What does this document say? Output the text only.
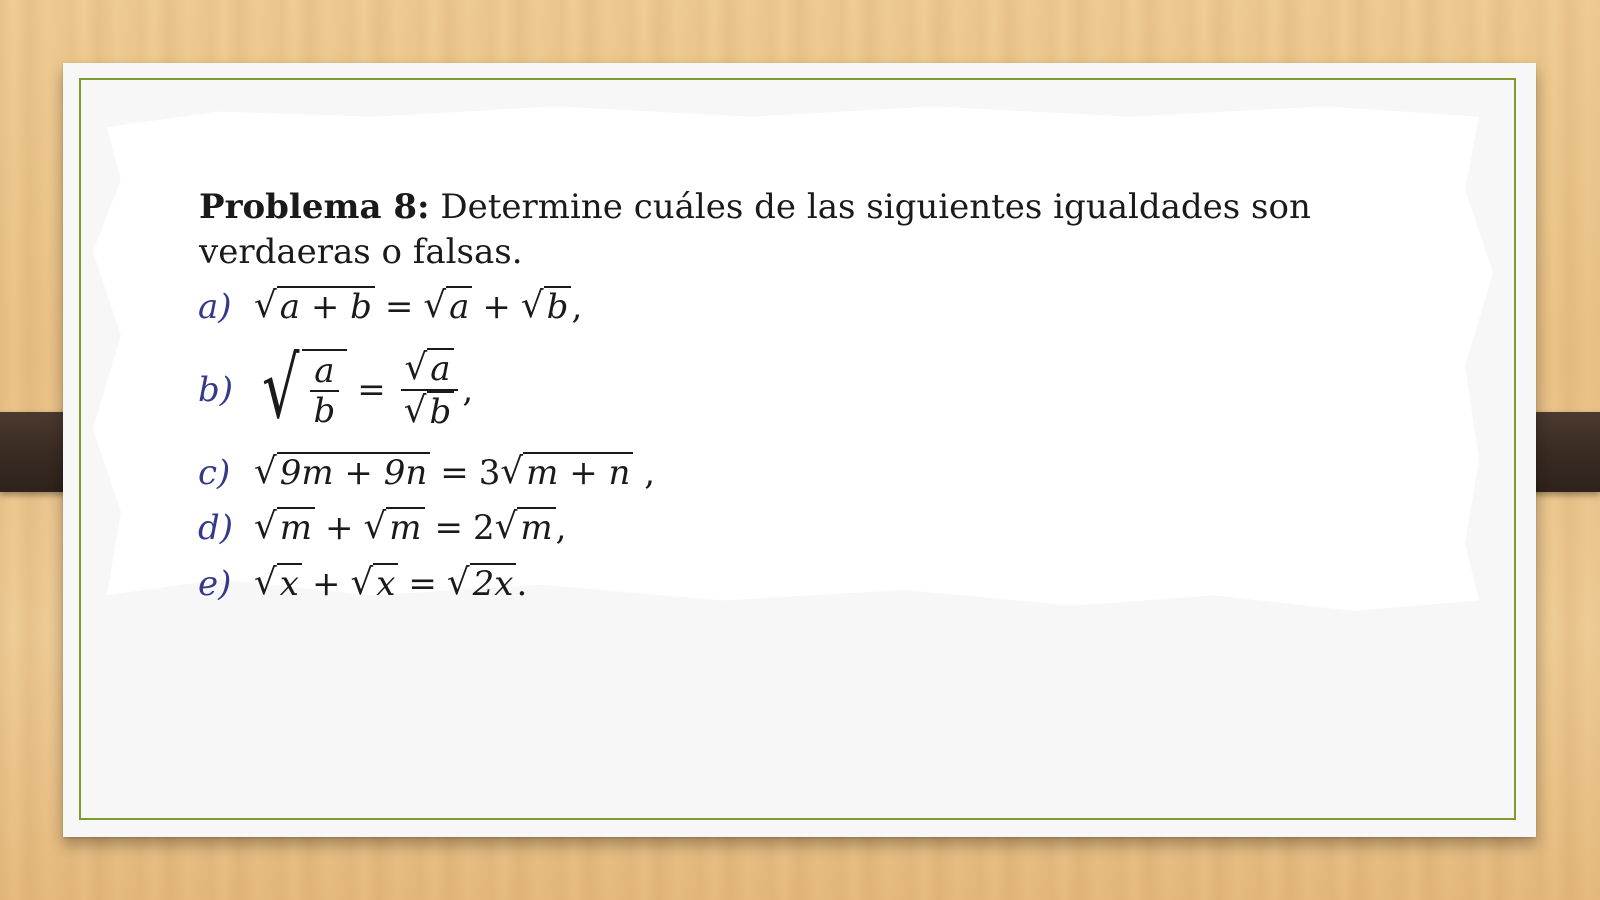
Problema 8: Determine cuáles de las siguientes igualdades son verdaeras o falsas.

a) √ a + b = √ a + √ b ,
b) √ $\frac{a}{b} = \frac{√ a}{√ b}$ ,
c) √ 9m + 9n = 3 √ m + n ,
d) √ m + √ m = 2 √ m ,
e) √ x + √ x = √ 2x .
